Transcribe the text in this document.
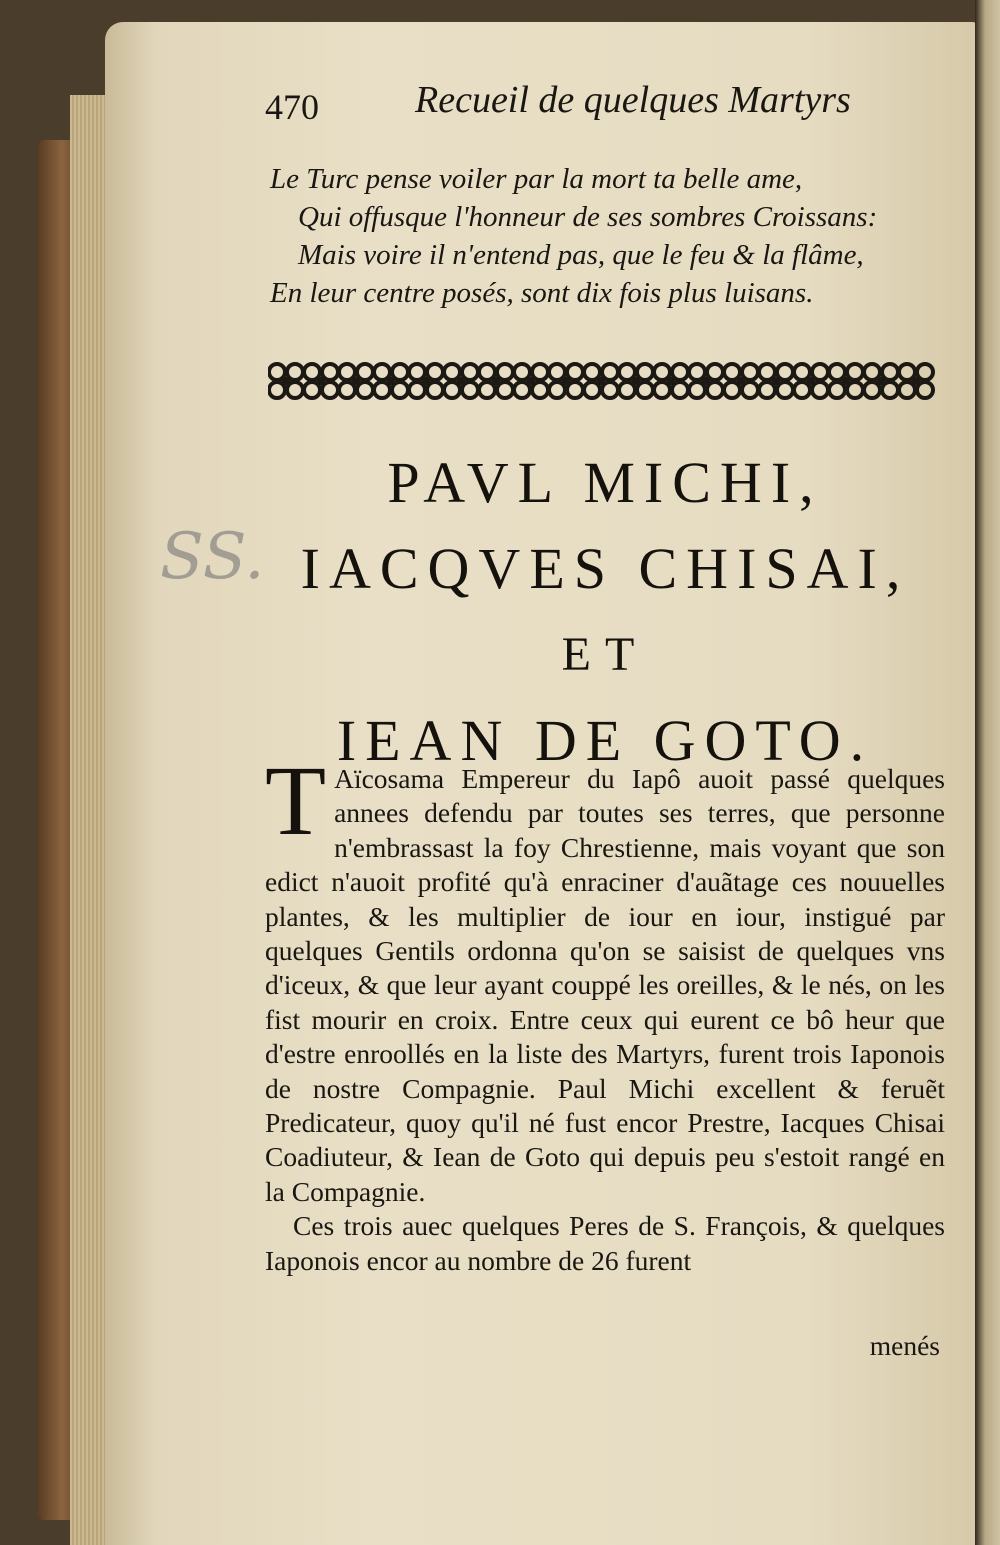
470	Recueil de quelques Martyrs
Le Turc pense voiler par la mort ta belle ame,
Qui offusque l'honneur de ses sombres Croissans:
Mais voire il n'entend pas, que le feu & la flâme,
En leur centre posés, sont dix fois plus luisans.
SS.
PAVL MICHI,
IACQVES CHISAI,
ET
IEAN DE GOTO.

T Aïcosama Empereur du Iapô auoit passé quelques annees defendu par toutes ses terres, que personne n'embrassast la foy Chrestienne, mais voyant que son edict n'auoit profité qu'à enraciner d'auãtage ces nouuelles plantes, & les multiplier de iour en iour, instigué par quelques Gentils ordonna qu'on se saisist de quelques vns d'iceux, & que leur ayant couppé les oreilles, & le nés, on les fist mourir en croix. Entre ceux qui eurent ce bô heur que d'estre enroollés en la liste des Martyrs, furent trois Iaponois de nostre Compagnie. Paul Michi excellent & feruẽt Predicateur, quoy qu'il né fust encor Prestre, Iacques Chisai Coadiuteur, & Iean de Goto qui depuis peu s'estoit rangé en la Compagnie.

Ces trois auec quelques Peres de S. François, & quelques Iaponois encor au nombre de 26 furent

menés
